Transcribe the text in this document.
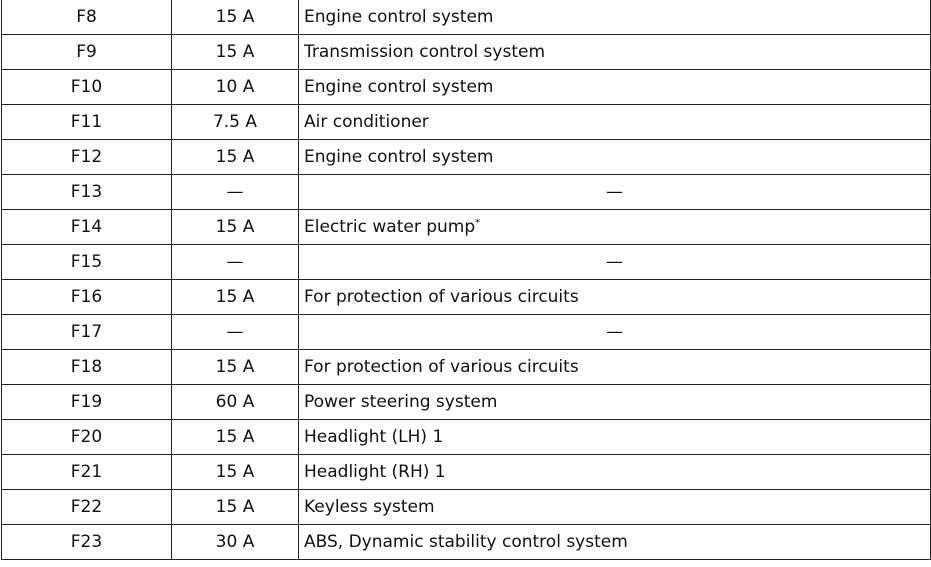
F8	15 A	Engine control system
F9	15 A	Transmission control system
F10	10 A	Engine control system
F11	7.5 A	Air conditioner
F12	15 A	Engine control system
F13	—	—
F14	15 A	Electric water pump*
F15	—	—
F16	15 A	For protection of various circuits
F17	—	—
F18	15 A	For protection of various circuits
F19	60 A	Power steering system
F20	15 A	Headlight (LH) 1
F21	15 A	Headlight (RH) 1
F22	15 A	Keyless system
F23	30 A	ABS, Dynamic stability control system
